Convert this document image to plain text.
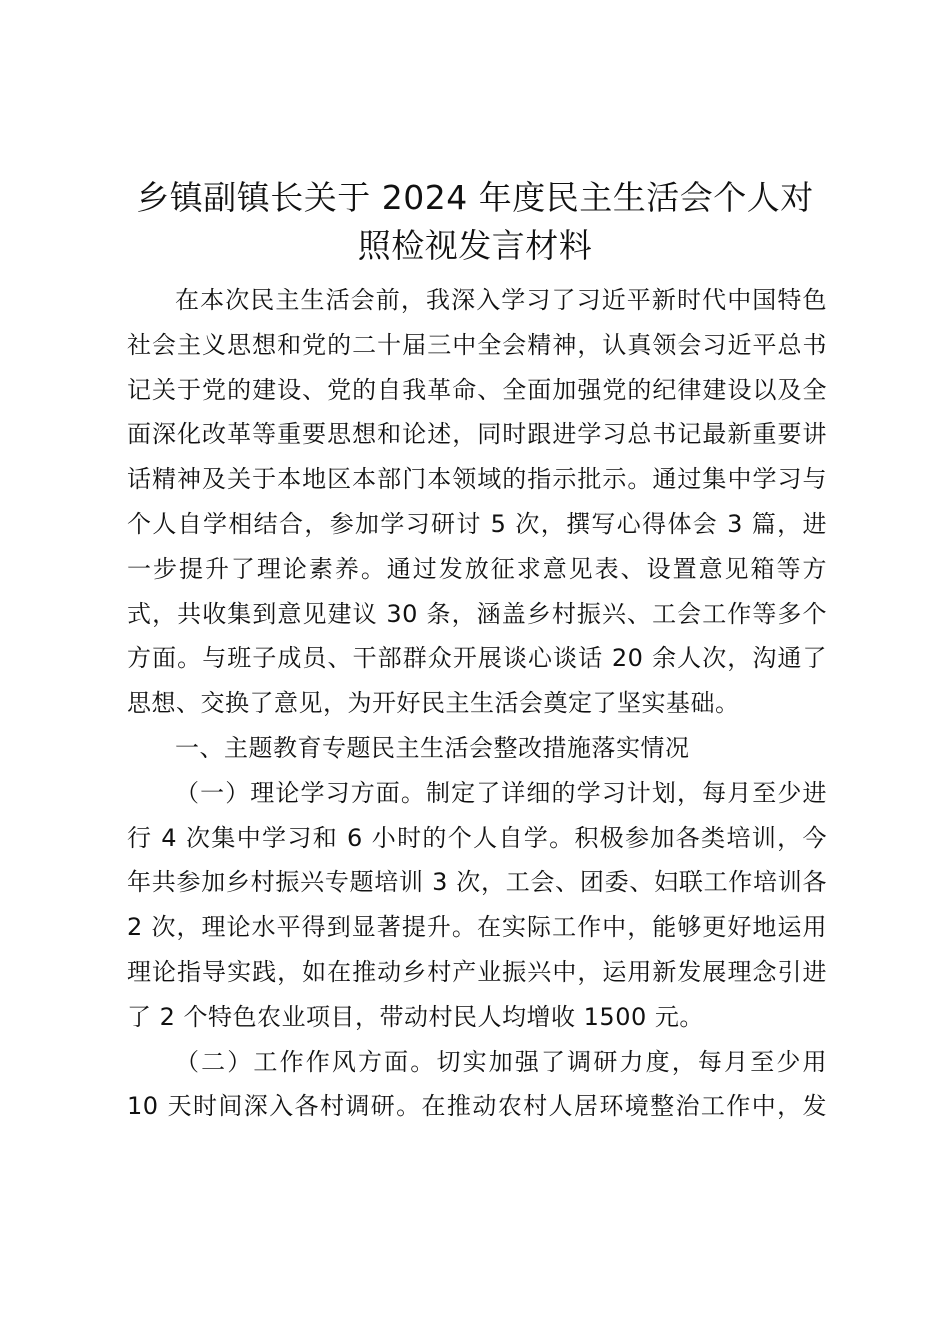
乡镇副镇长关于 2024 年度民主生活会个人对照检视发言材料

在本次民主生活会前，我深入学习了习近平新时代中国特色社会主义思想和党的二十届三中全会精神，认真领会习近平总书记关于党的建设、党的自我革命、全面加强党的纪律建设以及全面深化改革等重要思想和论述，同时跟进学习总书记最新重要讲话精神及关于本地区本部门本领域的指示批示。通过集中学习与个人自学相结合，参加学习研讨 5 次，撰写心得体会 3 篇，进一步提升了理论素养。通过发放征求意见表、设置意见箱等方式，共收集到意见建议 30 条，涵盖乡村振兴、工会工作等多个方面。与班子成员、干部群众开展谈心谈话 20 余人次，沟通了思想、交换了意见，为开好民主生活会奠定了坚实基础。

一、主题教育专题民主生活会整改措施落实情况

（一）理论学习方面。制定了详细的学习计划，每月至少进行 4 次集中学习和 6 小时的个人自学。积极参加各类培训，今年共参加乡村振兴专题培训 3 次，工会、团委、妇联工作培训各 2 次，理论水平得到显著提升。在实际工作中，能够更好地运用理论指导实践，如在推动乡村产业振兴中，运用新发展理念引进了 2 个特色农业项目，带动村民人均增收 1500 元。

（二）工作作风方面。切实加强了调研力度，每月至少用 10 天时间深入各村调研。在推动农村人居环境整治工作中，发
